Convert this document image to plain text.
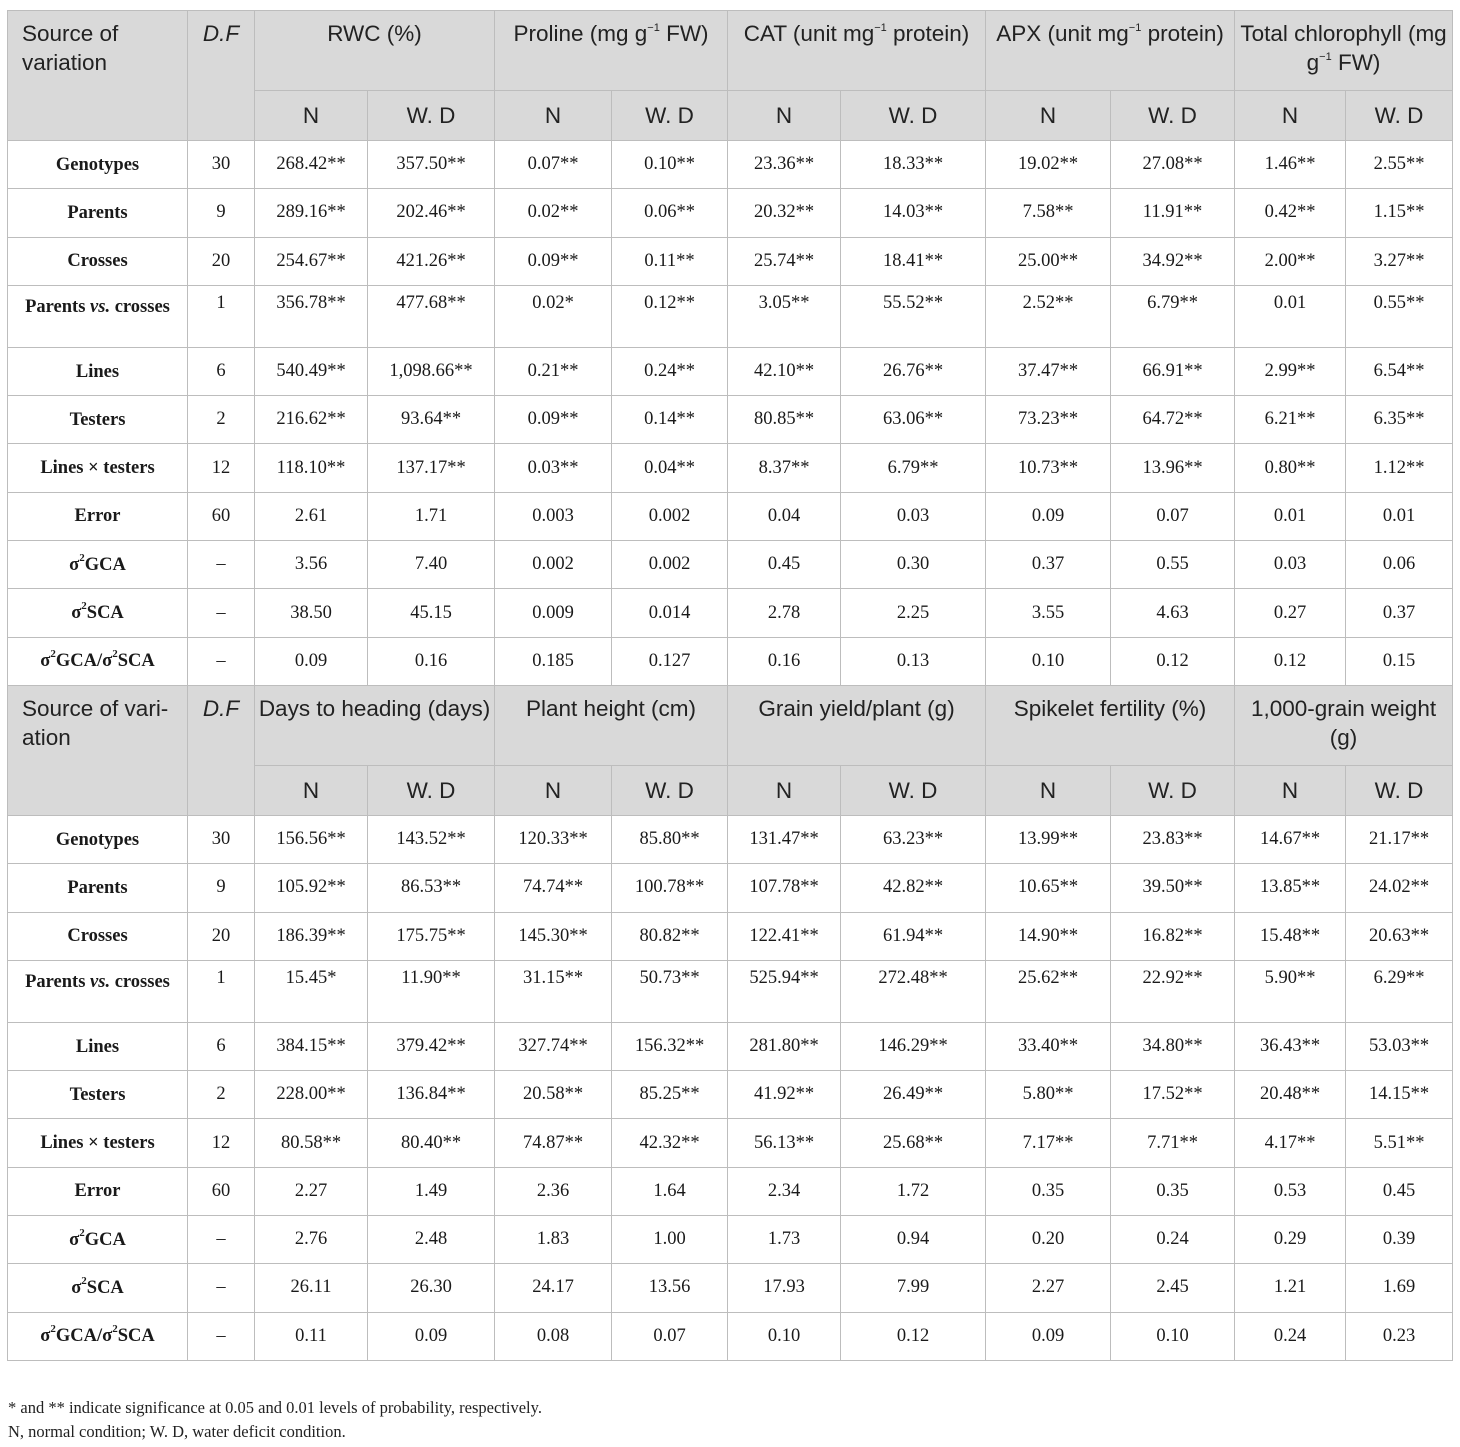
Source of variation	D.F	RWC (%)		Proline (mg $g^{-1}$ FW)		CAT (unit $mg^{-1}$ protein)		APX (unit $mg^{-1}$ protein)		Total chlorophyll (mg $g^{-1}$ FW)	
		N	W. D	N	W. D	N	W. D	N	W. D	N	W. D
Genotypes	30	268.42**	357.50**	0.07**	0.10**	23.36**	18.33**	19.02**	27.08**	1.46**	2.55**
Parents	9	289.16**	202.46**	0.02**	0.06**	20.32**	14.03**	7.58**	11.91**	0.42**	1.15**
Crosses	20	254.67**	421.26**	0.09**	0.11**	25.74**	18.41**	25.00**	34.92**	2.00**	3.27**
Parents vs. crosses	1	356.78**	477.68**	0.02*	0.12**	3.05**	55.52**	2.52**	6.79**	0.01	0.55**
Lines	6	540.49**	1,098.66**	0.21**	0.24**	42.10**	26.76**	37.47**	66.91**	2.99**	6.54**
Testers	2	216.62**	93.64**	0.09**	0.14**	80.85**	63.06**	73.23**	64.72**	6.21**	6.35**
Lines × testers	12	118.10**	137.17**	0.03**	0.04**	8.37**	6.79**	10.73**	13.96**	0.80**	1.12**
Error	60	2.61	1.71	0.003	0.002	0.04	0.03	0.09	0.07	0.01	0.01
$\sigma^2GCA$	–	3.56	7.40	0.002	0.002	0.45	0.30	0.37	0.55	0.03	0.06
$\sigma^2SCA$	–	38.50	45.15	0.009	0.014	2.78	2.25	3.55	4.63	0.27	0.37
$\sigma^2GCA/\sigma^2SCA$	–	0.09	0.16	0.185	0.127	0.16	0.13	0.10	0.12	0.12	0.15
Source of vari- ation	D.F	Days to heading (days)		Plant height (cm)		Grain yield/plant (g)		Spikelet fertility (%)		1,000-grain weight (g)	
		N	W. D	N	W. D	N	W. D	N	W. D	N	W. D
Genotypes	30	156.56**	143.52**	120.33**	85.80**	131.47**	63.23**	13.99**	23.83**	14.67**	21.17**
Parents	9	105.92**	86.53**	74.74**	100.78**	107.78**	42.82**	10.65**	39.50**	13.85**	24.02**
Crosses	20	186.39**	175.75**	145.30**	80.82**	122.41**	61.94**	14.90**	16.82**	15.48**	20.63**
Parents vs. crosses	1	15.45*	11.90**	31.15**	50.73**	525.94**	272.48**	25.62**	22.92**	5.90**	6.29**
Lines	6	384.15**	379.42**	327.74**	156.32**	281.80**	146.29**	33.40**	34.80**	36.43**	53.03**
Testers	2	228.00**	136.84**	20.58**	85.25**	41.92**	26.49**	5.80**	17.52**	20.48**	14.15**
Lines × testers	12	80.58**	80.40**	74.87**	42.32**	56.13**	25.68**	7.17**	7.71**	4.17**	5.51**
Error	60	2.27	1.49	2.36	1.64	2.34	1.72	0.35	0.35	0.53	0.45
$\sigma^2GCA$	–	2.76	2.48	1.83	1.00	1.73	0.94	0.20	0.24	0.29	0.39
$\sigma^2SCA$	–	26.11	26.30	24.17	13.56	17.93	7.99	2.27	2.45	1.21	1.69
$\sigma^2GCA/\sigma^2SCA$	–	0.11	0.09	0.08	0.07	0.10	0.12	0.09	0.10	0.24	0.23
* and ** indicate significance at 0.05 and 0.01 levels of probability, respectively.
N, normal condition; W. D, water deficit condition.
